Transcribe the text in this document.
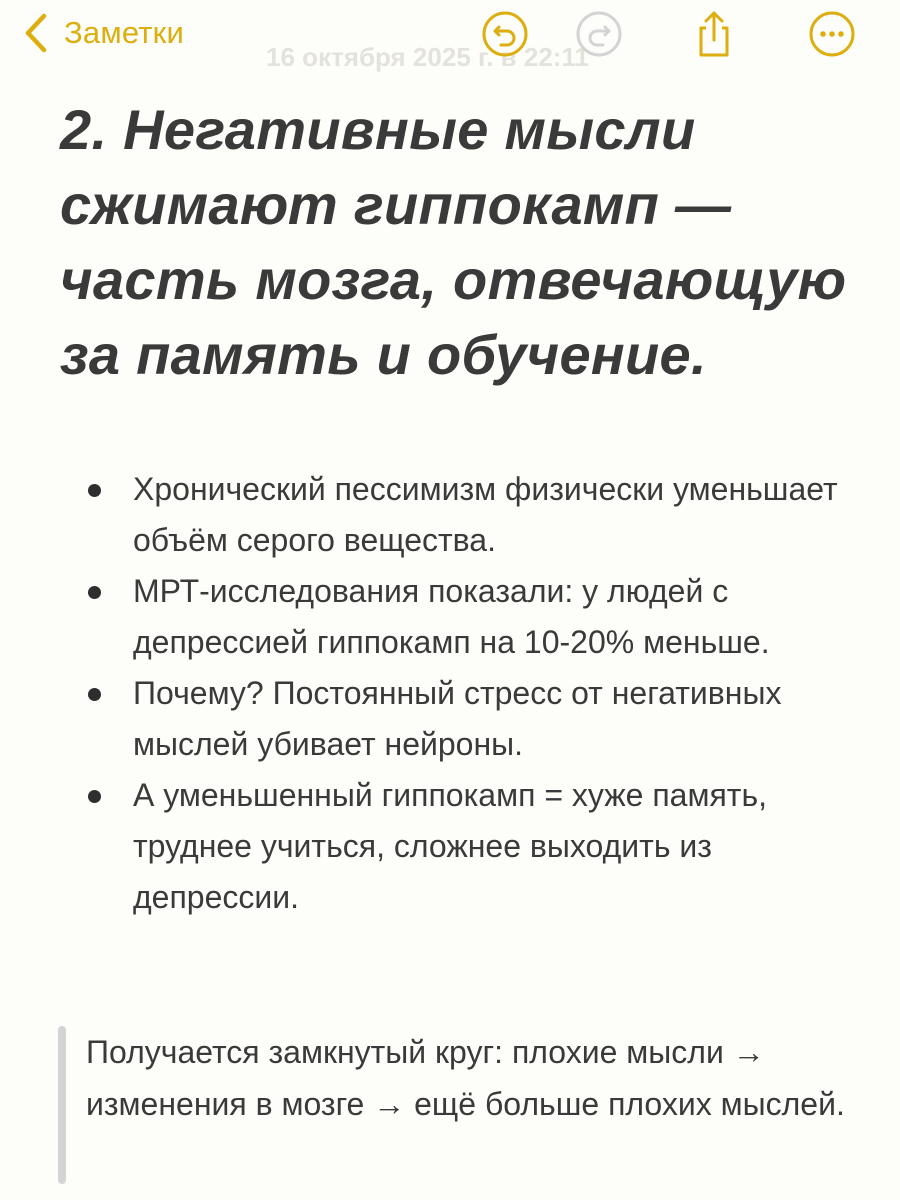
Заметки
16 октября 2025 г. в 22:11
2. Негативные мысли сжимают гиппокамп — часть мозга, отвечающую за память и обучение.
Хронический пессимизм физически уменьшает объём серого вещества.
МРТ-исследования показали: у людей с депрессией гиппокамп на 10-20% меньше.
Почему? Постоянный стресс от негативных мыслей убивает нейроны.
А уменьшенный гиппокамп = хуже память, труднее учиться, сложнее выходить из депрессии.
Получается замкнутый круг: плохие мысли → изменения в мозге → ещё больше плохих мыслей.
